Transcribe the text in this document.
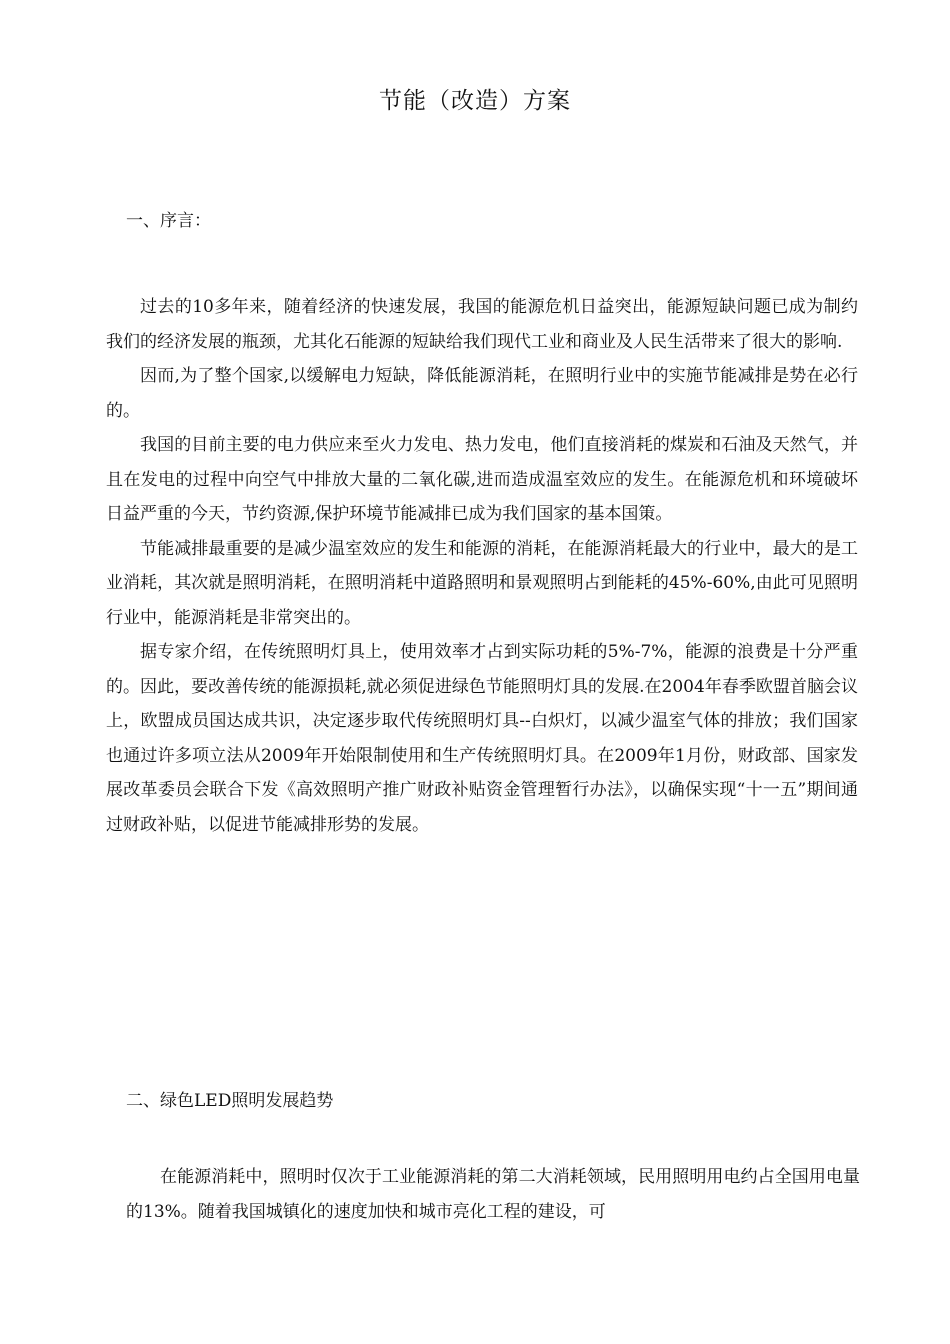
节能（改造）方案
一、序言：

过去的10多年来，随着经济的快速发展，我国的能源危机日益突出，能源短缺问题已成为制约我们的经济发展的瓶颈，尤其化石能源的短缺给我们现代工业和商业及人民生活带来了很大的影响.

因而,为了整个国家,以缓解电力短缺，降低能源消耗，在照明行业中的实施节能减排是势在必行的。

我国的目前主要的电力供应来至火力发电、热力发电，他们直接消耗的煤炭和石油及天然气，并且在发电的过程中向空气中排放大量的二氧化碳,进而造成温室效应的发生。在能源危机和环境破坏日益严重的今天，节约资源,保护环境节能减排已成为我们国家的基本国策。

节能减排最重要的是减少温室效应的发生和能源的消耗，在能源消耗最大的行业中，最大的是工业消耗，其次就是照明消耗，在照明消耗中道路照明和景观照明占到能耗的45%-60%,由此可见照明行业中，能源消耗是非常突出的。

据专家介绍，在传统照明灯具上，使用效率才占到实际功耗的5%-7%，能源的浪费是十分严重的。因此，要改善传统的能源损耗,就必须促进绿色节能照明灯具的发展.在2004年春季欧盟首脑会议上，欧盟成员国达成共识，决定逐步取代传统照明灯具--白炽灯，以减少温室气体的排放；我们国家也通过许多项立法从2009年开始限制使用和生产传统照明灯具。在2009年1月份，财政部、国家发展改革委员会联合下发《高效照明产推广财政补贴资金管理暂行办法》，以确保实现“十一五”期间通过财政补贴，以促进节能减排形势的发展。

二、绿色LED照明发展趋势

在能源消耗中，照明时仅次于工业能源消耗的第二大消耗领域，民用照明用电约占全国用电量的13%。随着我国城镇化的速度加快和城市亮化工程的建设，可
